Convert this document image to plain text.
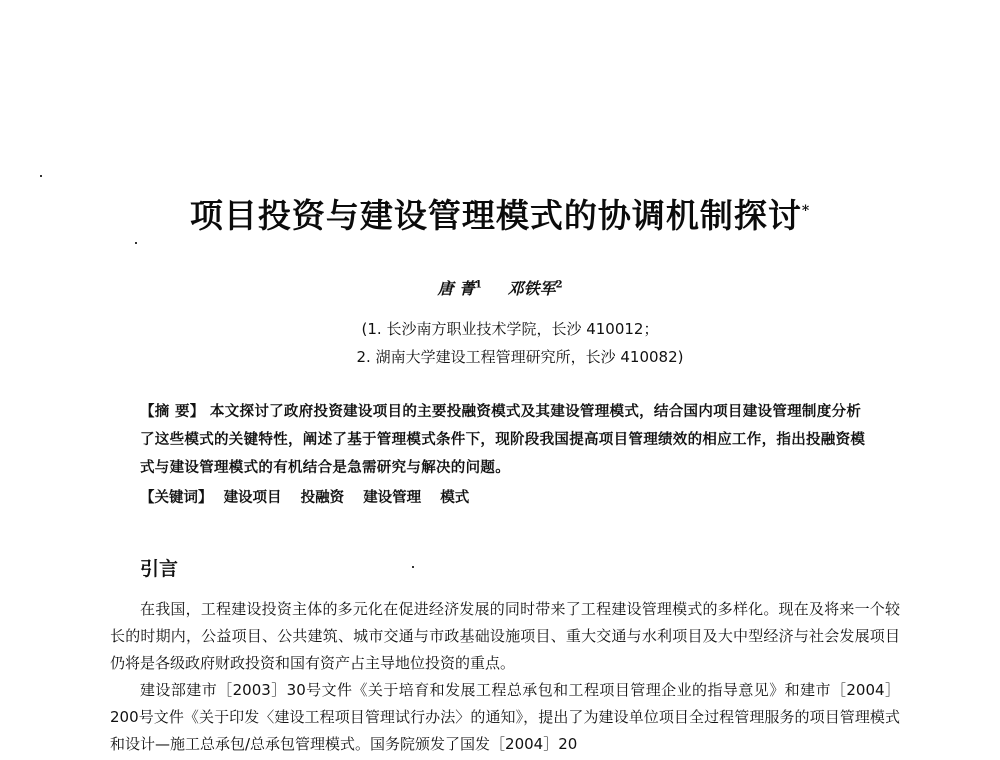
项目投资与建设管理模式的协调机制探讨*
唐 菁$^1$ 邓铁军$^2$
(1. 长沙南方职业技术学院，长沙 410012；
2. 湖南大学建设工程管理研究所，长沙 410082)
【摘 要】 本文探讨了政府投资建设项目的主要投融资模式及其建设管理模式，结合国内项目建设管理制度分析了这些模式的关键特性，阐述了基于管理模式条件下，现阶段我国提高项目管理绩效的相应工作，指出投融资模式与建设管理模式的有机结合是急需研究与解决的问题。
【关键词】 建设项目 投融资 建设管理 模式
引言

在我国，工程建设投资主体的多元化在促进经济发展的同时带来了工程建设管理模式的多样化。现在及将来一个较长的时期内，公益项目、公共建筑、城市交通与市政基础设施项目、重大交通与水利项目及大中型经济与社会发展项目仍将是各级政府财政投资和国有资产占主导地位投资的重点。

建设部建市［2003］30号文件《关于培育和发展工程总承包和工程项目管理企业的指导意见》和建市［2004］200号文件《关于印发〈建设工程项目管理试行办法〉的通知》，提出了为建设单位项目全过程管理服务的项目管理模式和设计—施工总承包/总承包管理模式。国务院颁发了国发［2004］20
